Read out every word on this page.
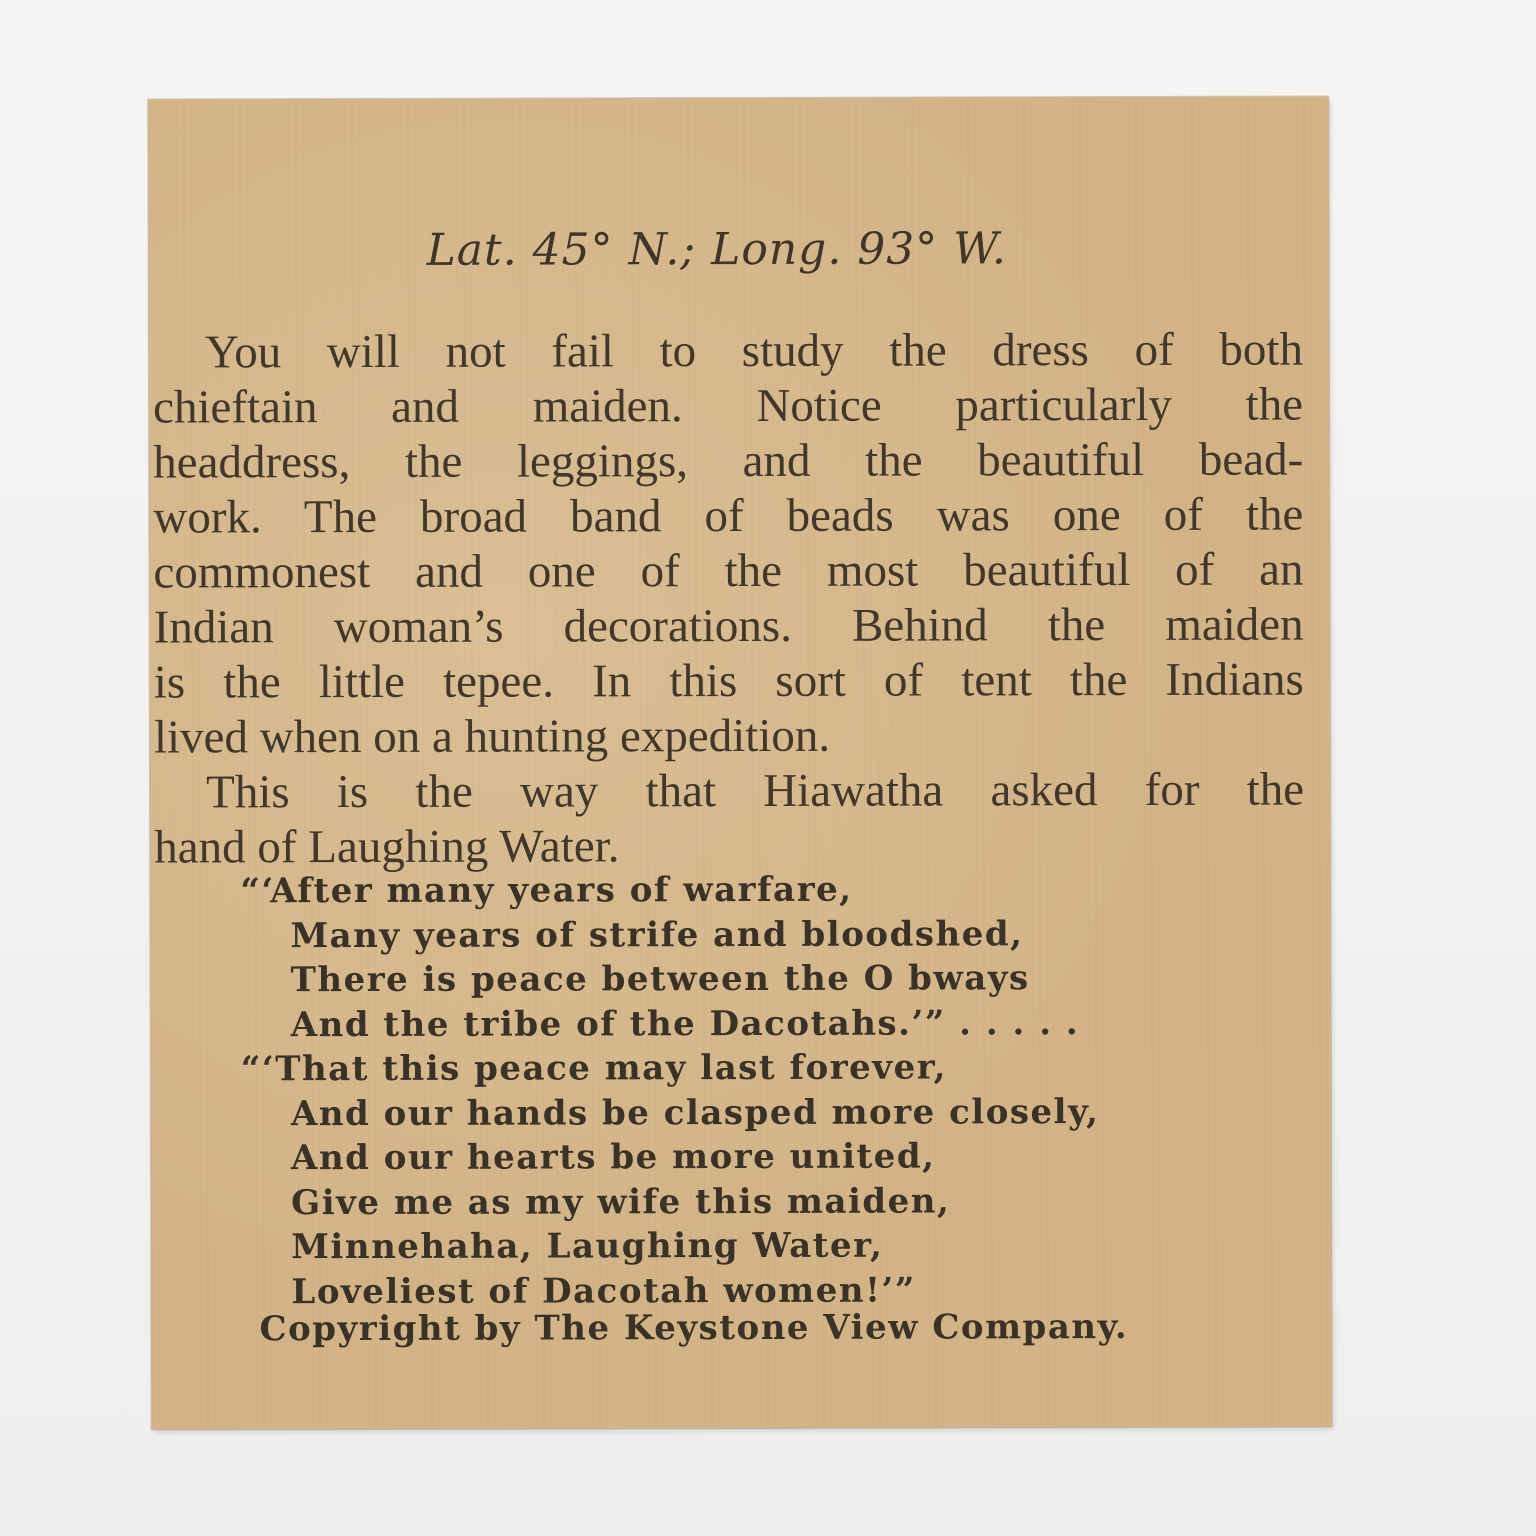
Lat. 45° N.; Long. 93° W.
You will not fail to study the dress of both
chieftain and maiden. Notice particularly the
headdress, the leggings, and the beautiful bead-
work. The broad band of beads was one of the
commonest and one of the most beautiful of an
Indian woman’s decorations. Behind the maiden
is the little tepee. In this sort of tent the Indians
lived when on a hunting expedition.
This is the way that Hiawatha asked for the
hand of Laughing Water.
“‘After many years of warfare,
Many years of strife and bloodshed,
There is peace between the O bways
And the tribe of the Dacotahs.’” . . . . .
“‘That this peace may last forever,
And our hands be clasped more closely,
And our hearts be more united,
Give me as my wife this maiden,
Minnehaha, Laughing Water,
Loveliest of Dacotah women!’”
Copyright by The Keystone View Company.
